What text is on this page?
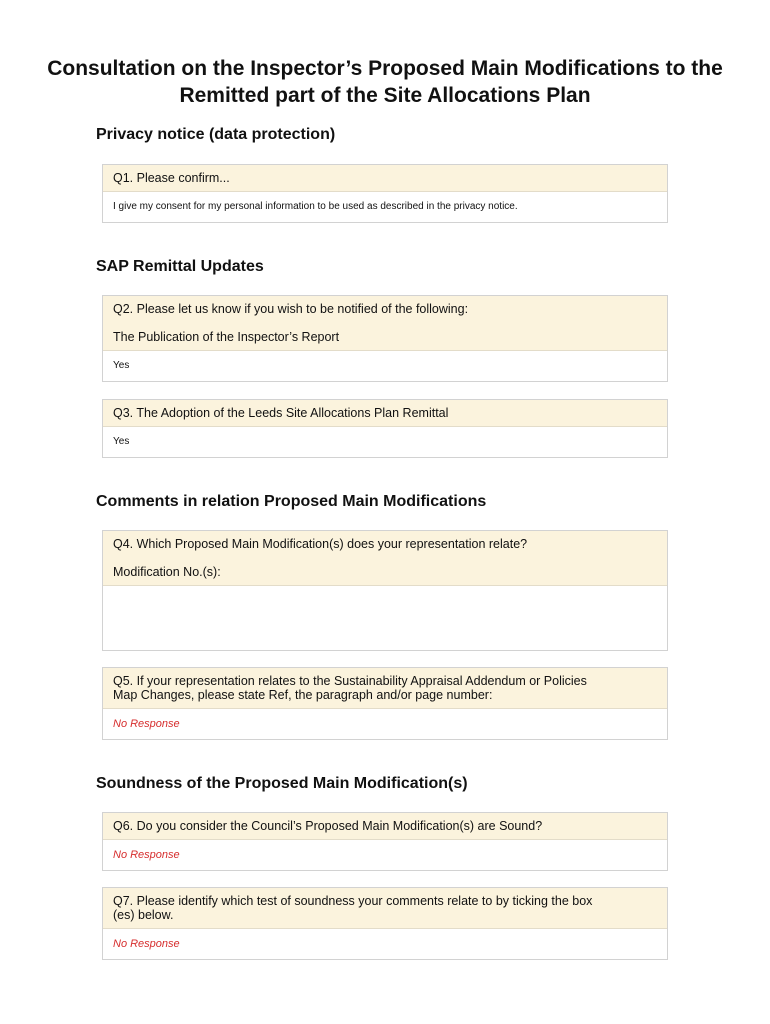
Consultation on the Inspector’s Proposed Main Modifications to the
Remitted part of the Site Allocations Plan
Privacy notice (data protection)
Q1. Please confirm...
I give my consent for my personal information to be used as described in the privacy notice.
SAP Remittal Updates
Q2. Please let us know if you wish to be notified of the following:
The Publication of the Inspector’s Report
Yes
Q3. The Adoption of the Leeds Site Allocations Plan Remittal
Yes
Comments in relation Proposed Main Modifications
Q4. Which Proposed Main Modification(s) does your representation relate?
Modification No.(s):
Q5. If your representation relates to the Sustainability Appraisal Addendum or Policies
Map Changes, please state Ref, the paragraph and/or page number:
No Response
Soundness of the Proposed Main Modification(s)
Q6. Do you consider the Council’s Proposed Main Modification(s) are Sound?
No Response
Q7. Please identify which test of soundness your comments relate to by ticking the box
(es) below.
No Response
